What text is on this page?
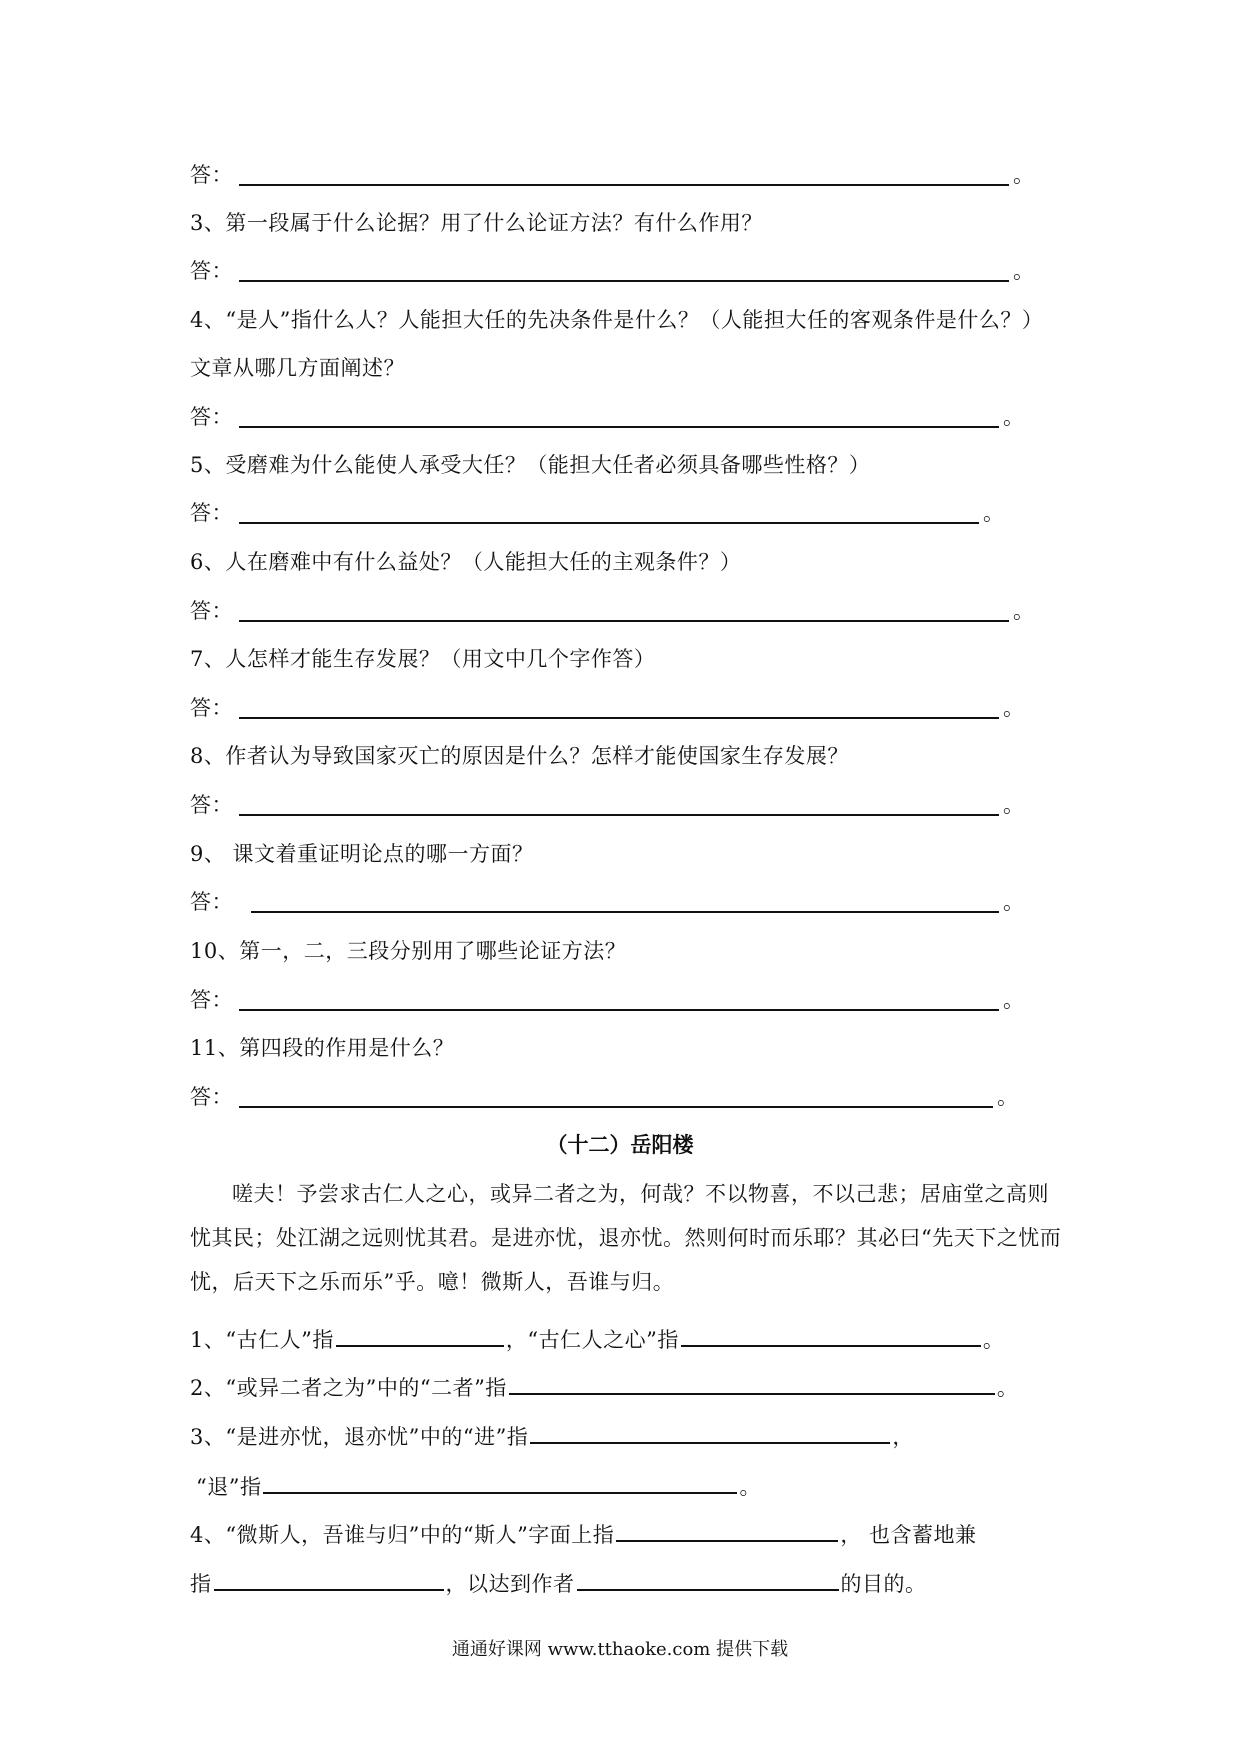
答：	。
3、第一段属于什么论据？用了什么论证方法？有什么作用？
答：	。
4、“是人”指什么人？人能担大任的先决条件是什么？（人能担大任的客观条件是什么？）
文章从哪几方面阐述？
答：	。
5、受磨难为什么能使人承受大任？（能担大任者必须具备哪些性格？）
答：	。
6、人在磨难中有什么益处？（人能担大任的主观条件？）
答：	。
7、人怎样才能生存发展？（用文中几个字作答）
答：	。
8、作者认为导致国家灭亡的原因是什么？怎样才能使国家生存发展？
答：	。
9、 课文着重证明论点的哪一方面？
答：	。
10、第一，二，三段分别用了哪些论证方法？
答：	。
11、第四段的作用是什么？
答：	。
（十二）岳阳楼

嗟夫！予尝求古仁人之心，或异二者之为，何哉？不以物喜，不以己悲；居庙堂之高则忧其民；处江湖之远则忧其君。是进亦忧，退亦忧。然则何时而乐耶？其必曰“先天下之忧而忧，后天下之乐而乐”乎。噫！微斯人，吾谁与归。

1、“古仁人”指	，“古仁人之心”指	。
2、“或异二者之为”中的“二者”指	。
3、“是进亦忧，退亦忧”中的“进”指	，
“退”指	。
4、“微斯人，吾谁与归”中的“斯人”字面上指	， 也含蓄地兼
指	，以达到作者	的目的。
通通好课网 www.tthaoke.com 提供下载
